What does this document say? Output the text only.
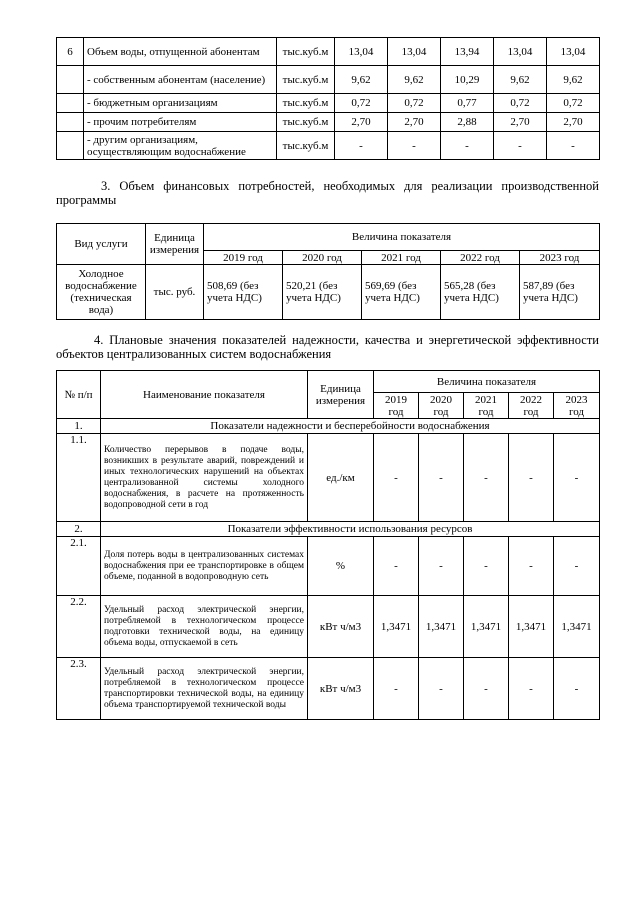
6	Объем воды, отпущенной абонентам	тыс.куб.м	13,04	13,04	13,94	13,04	13,04
	- собственным абонентам (население)	тыс.куб.м	9,62	9,62	10,29	9,62	9,62
	- бюджетным организациям	тыс.куб.м	0,72	0,72	0,77	0,72	0,72
	- прочим потребителям	тыс.куб.м	2,70	2,70	2,88	2,70	2,70
	- другим организациям, осуществляющим водоснабжение	тыс.куб.м	-	-	-	-	-
3. Объем финансовых потребностей, необходимых для реализации производственной программы
Вид услуги	Единица измерения	Величина показателя				
		2019 год	2020 год	2021 год	2022 год	2023 год
Холодное водоснабжение (техническая вода)	тыс. руб.	508,69 (без учета НДС)	520,21 (без учета НДС)	569,69 (без учета НДС)	565,28 (без учета НДС)	587,89 (без учета НДС)
4. Плановые значения показателей надежности, качества и энергетической эффективности объектов централизованных систем водоснабжения
№ п/п	Наименование показателя	Единица измерения	Величина показателя				
			2019 год	2020 год	2021 год	2022 год	2023 год
1.	Показатели надежности и бесперебойности водоснабжения						
1.1.	Количество перерывов в подаче воды, возникших в результате аварий, повреждений и иных технологических нарушений на объектах централизованной системы холодного водоснабжения, в расчете на протяженность водопроводной сети в год	ед./км	-	-	-	-	-
2.	Показатели эффективности использования ресурсов						
2.1.	Доля потерь воды в централизованных системах водоснабжения при ее транспортировке в общем объеме, поданной в водопроводную сеть	%	-	-	-	-	-
2.2.	Удельный расход электрической энергии, потребляемой в технологическом процессе подготовки технической воды, на единицу объема воды, отпускаемой в сеть	кВт ч/м3	1,3471	1,3471	1,3471	1,3471	1,3471
2.3.	Удельный расход электрической энергии, потребляемой в технологическом процессе транспортировки технической воды, на единицу объема транспортируемой технической воды	кВт ч/м3	-	-	-	-	-
